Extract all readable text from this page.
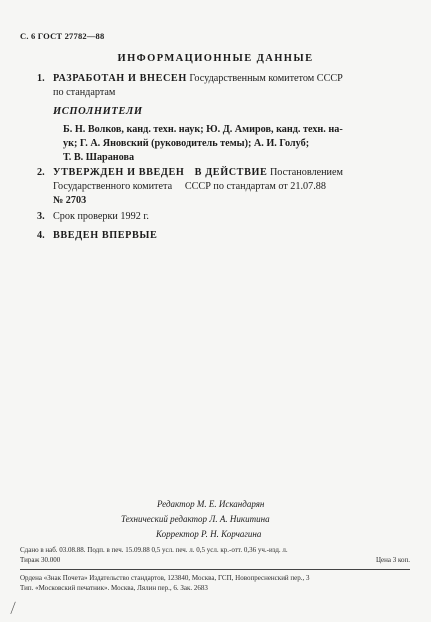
С. 6 ГОСТ 27782—88
ИНФОРМАЦИОННЫЕ ДАННЫЕ
1. РАЗРАБОТАН И ВНЕСЕН Государственным комитетом СССР
по стандартам
ИСПОЛНИТЕЛИ
Б. Н. Волков, канд. техн. наук; Ю. Д. Амиров, канд. техн. на-
ук; Г. А. Яновский (руководитель темы); А. И. Голуб;
Т. В. Шаранова
2. УТВЕРЖДЕН И ВВЕДЕН В ДЕЙСТВИЕ Постановлением
Государственного комитета СССР по стандартам от 21.07.88
№ 2703
3. Срок проверки 1992 г.
4. ВВЕДЕН ВПЕРВЫЕ
Редактор М. Е. Искандарян
Технический редактор Л. А. Никитина
Корректор Р. Н. Корчагина
Сдано в наб. 03.08.88. Подп. в печ. 15.09.88 0,5 усл. печ. л. 0,5 усл. кр.-отт. 0,36 уч.-изд. л.
Тираж 30.000	Цена 3 коп.
Ордена «Знак Почета» Издательство стандартов, 123840, Москва, ГСП, Новопресненский пер., 3
Тип. «Московский печатник». Москва, Лялин пер., 6. Зак. 2683
⁄
